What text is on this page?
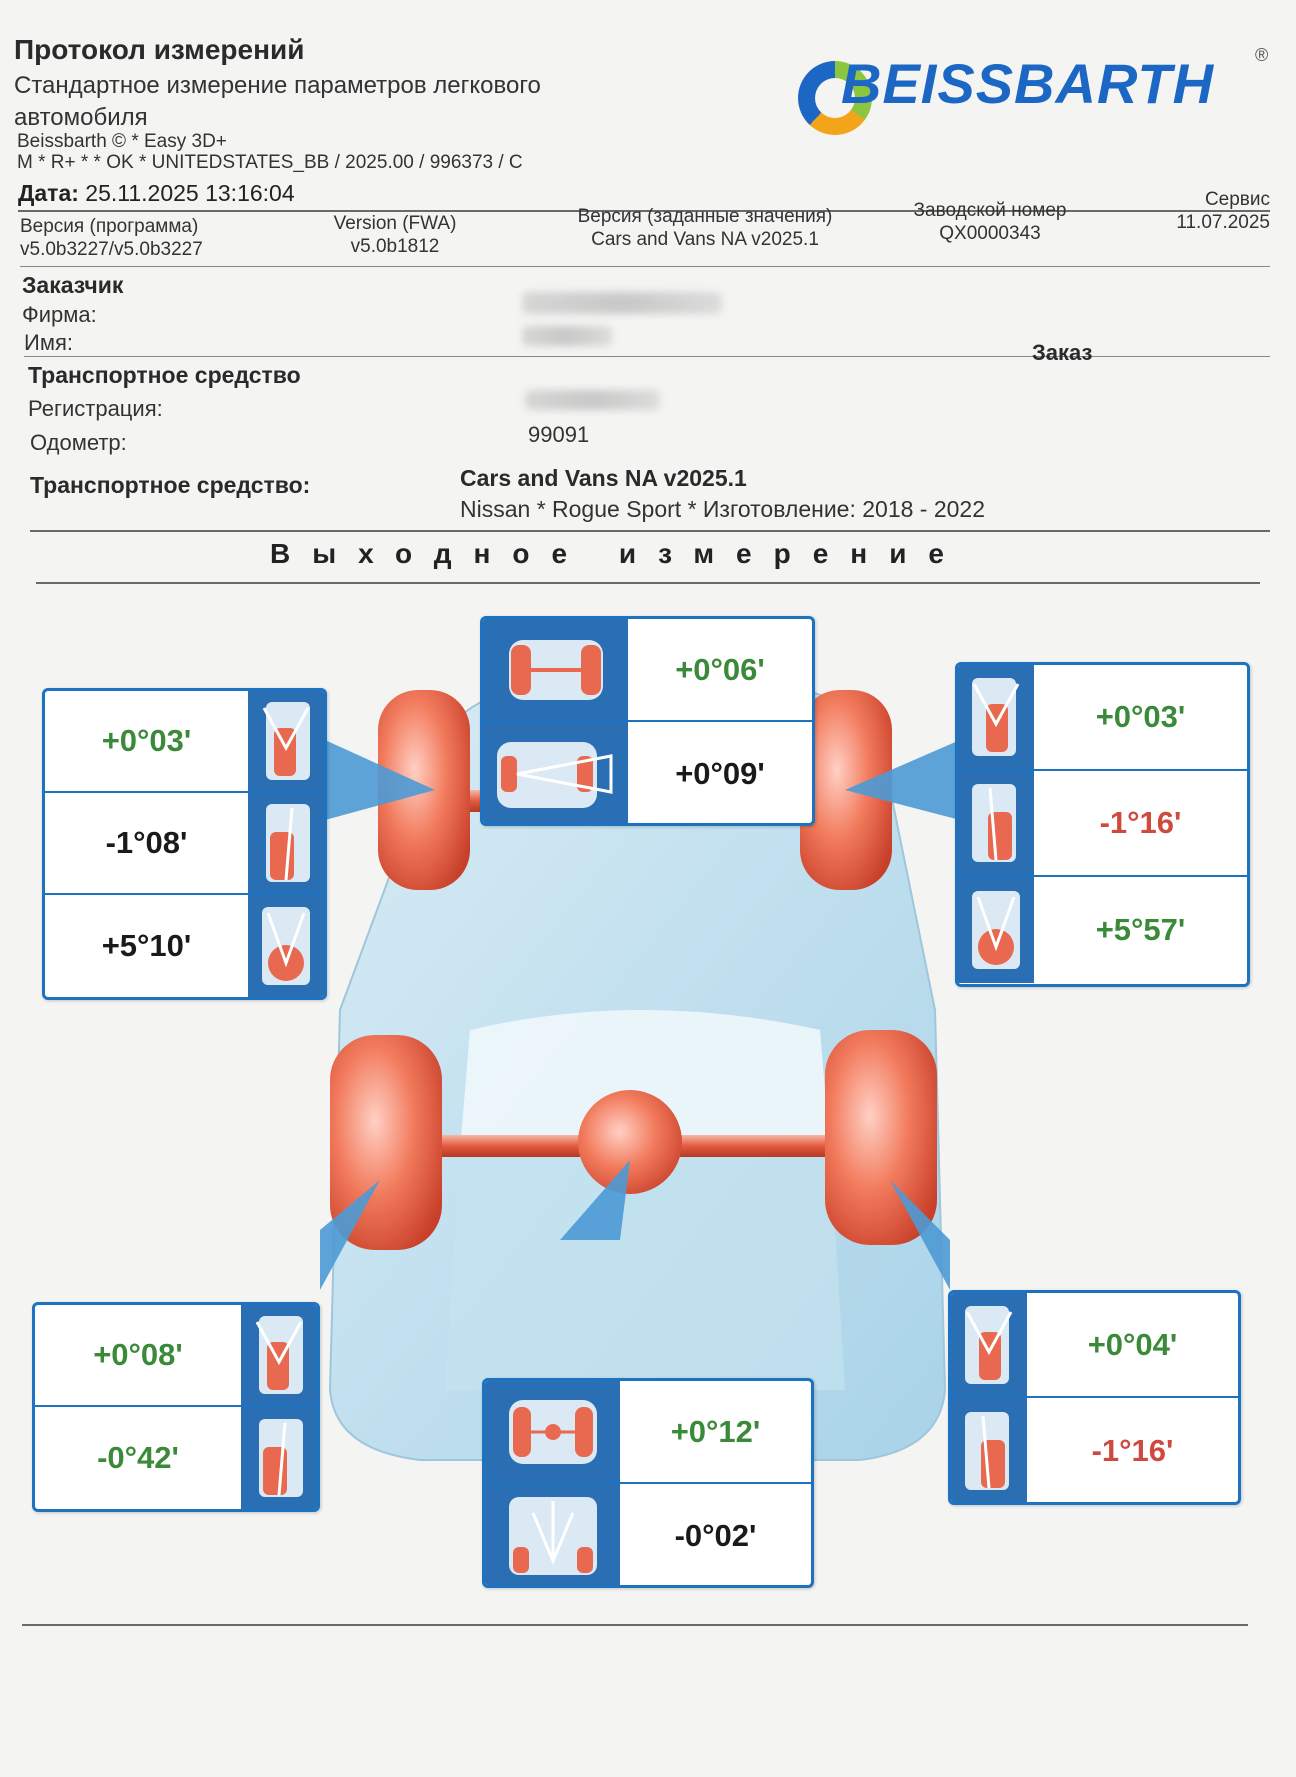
Протокол измерений
Стандартное измерение параметров легкового автомобиля
Beissbarth © * Easy 3D+
M * R+ * * OK * UNITEDSTATES_BB / 2025.00 / 996373 / C
Дата: 25.11.2025 13:16:04
BEISSBARTH ®
Версия (программа)
v5.0b3227/v5.0b3227
Version (FWA)
v5.0b1812
Версия (заданные значения)
Cars and Vans NA v2025.1
Заводской номер
QX0000343
Сервис
11.07.2025
Заказчик
Фирма:
Имя:	Заказ
Транспортное средство
Регистрация:
Одометр:	99091
Транспортное средство:	Cars and Vans NA v2025.1
Nissan * Rogue Sport * Изготовление: 2018 - 2022
Выходное измерение
+0°06'
+0°09'
+0°03'
-1°08'
+5°10'
+0°03'
-1°16'
+5°57'
+0°08'
-0°42'
+0°04'
-1°16'
+0°12'
-0°02'
